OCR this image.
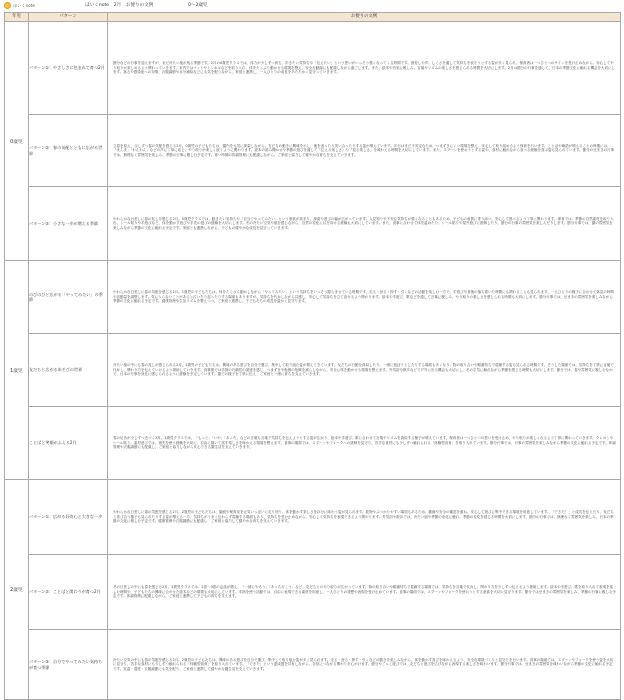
ほいくnote	ほいくnote　2月　お便りの文例	0〜2歳児
年児	パターン	お便りの文例
0歳児	パターン①：やさしさに包まれて育つ2月	節分などの行事を迎えますが、まだ冷たい風が残る季節です。2月の0歳児クラスでは、体力が少しずつ育ち、歩きたい気持ちや「伝えたい」という思いがいっそう強くなってくる時期です。指差しや声、しぐさを通して気持ちを表そうとする姿が多く見られ、保育者は一つひとつのサインを受け止めながら、安心してやり取りが楽しめるよう関わっていきます。室内ではマットやトンネルなどを取り入れ、体をたっぷり動かせる環境を整え、安全な動線にも配慮しながら過ごします。また、絵本や音楽に親しみ、言葉やリズムの楽しさを感じられる時間を大切にします。2月は節分の行事を通して、日本の季節文化に触れる機会を大切にします。寒さや感染症への対策、衣服調節や水分補給などにも気を配りながら、家庭と連携し、一人ひとりの成長をあたたかく見守っていきます。

	パターン②：春の気配とともに広がる世界	立春を迎え、少しずつ春の気配を感じる2月。0歳児の子どもたちは、園内を元気に探索しながら、友だちの動きに興味を示し、後を追ったり笑い合ったりする姿が増えています。歩行はまだ不安定なため、つまずきにくい環境を整え、安心して取り組めるよう保育を行います。ことばや喃語が増えることの時期には、「まんま」「わんわん」などの声に丁寧に応じ、やり取りが楽しく続くように関わります。絵本の読み聞かせや季節の遊びを通して「伝える楽しさ」や「見る楽しさ」を味わえる時間を大切にしています。また、スプーンを使おうとする姿や、食材に触れながら食べる経験を喜ぶ姿も見られています。節分の豆まきの行事では、無理なく雰囲気を楽しみ、季節の行事に親しむ予定です。寒い時期の体調管理にも配慮しながら、ご家庭と協力して健やかな育ちを支えていきます。

	パターン③：小さな一歩が増える季節	やわらかな日差しに春の兆しを感じる2月。0歳児クラスでは、動きたい気持ちや「自分でやってみたい」という意欲が高まり、探索や遊びの幅が広がっています。人見知りや不安な気持ちが強くなることもあるため、子どもの表情に寄り添い、安心して遊べるよう丁寧に関わります。保育では、季節の自然素材を取り入れ、シール貼りや手遊びなど、体を動かす遊びや手先の遊びの経験を大切にします。冬の冷たい空気や風を感じながら、自然の変化に目を向ける経験も大切にしています。また、食事に合わせて体を温めたり、シール貼りや屋外遊びに挑戦したり、節分の行事の雰囲気を楽しんだりします。節分行事では、園の雰囲気を楽しみながら季節の文化に触れる予定です。家庭とも連携しながら、子どもの健やかな成長を見守っていきます。

1歳児	のびのびと広がる「やってみたい」の季節	やわらかな日差しに春の気配を感じる2月。1歳児の子どもたちは、体をたくさん動かしながら「やってみたい」という気持ちをいっそう膨らませている時期です。走る・登る・押す・引くなどの活動を楽しむ一方で、手遊びや食後の落ち着いた時間にも関わることも見られます。一人ひとりの様子に合わせて休息の時間や活動量を調整します。気に入らないことがあると泣いたり怒ったりする場面もありますが、気持ちを代弁しながら共感し、安心して気持ちを立て直せるよう関わります。絵本や手遊び、歌などを通して言葉に親しみ、やり取りの楽しさを感じられる時間も大切にします。節分行事では、豆まきの雰囲気を楽しみながら季節の文化に触れる予定です。健康管理や生活リズムを整えつつ、ご家庭と連携し、子どもたちの成長を温かく見守ります。

	友だちと広がるあそびの世界	冷たい風の中にも春の兆しが感じられる2月。1歳児の子どもたちは、興味のある遊びを自分で選び、集中して取り組む姿が増えてきています。友だちの行動を真似したり、一緒に遊ぼうとしたりする場面も多くなり、物の取り合いや順番待ちで葛藤する姿も見られる時期です。そうした場面では、気持ちを丁寧に言葉で代弁し、関わり方を伝えていけるよう援助していきます。食事面では手指の巧緻性の発達を感じ、つまずきや転倒の危険を減らしながら、安全に体を動かせる環境を整えます。外気浴や散歩などで戸外に出る機会も大切にし、冬の空気に触れながら季節を感じる時間も大切にします。節分では、春や雰囲気に親しむなかで、日本の行事を身近に感じられるように経験を予定しています。園での様子を丁寧に伝え、ご家庭と一緒に育ちを支えていきます。

	ことばと笑顔がふえる2月	春の足音が少しずつ近づく2月。1歳児クラスでは、「もっと」「いや」「あった」などの言葉も言葉で気持ちを伝えようとする姿が広がり、絵本や手遊び、歌に合わせて言葉やリズムを真似する様子が増えています。保育者は一つひとつの思いを受け止め、やり取りが楽しくなるよう丁寧に関わっていきます。クレヨンやシール貼り、素材遊びでは、指先を使う経験を大切に、自由に描いて試す楽しさを味わえる環境を整えます。食事の場面では、スプーンやフォークへの挑戦を見守り、苦手な食材にも少しずつ触れられる「体験型食育」を取り入れています。節分行事では、行事の雰囲気を楽しみながら季節の文化に触れる予定です。体調管理や衣服調節にも配慮し、ご家庭と協力しながら安心できる園生活を支えていきます。

2歳児	パターン①：広がる好奇心と大きな一歩	やわらかな日差しに春の気配を感じる2月。2歳児の子どもたちは、園庭や保育室を元気いっぱいに走り回り、体を動かす楽しさを存分に味わう姿が見られます。乾物やぶつかりやすい場面もあるため、動線や安全の確認を重ね、安心して遊びに集中できる環境を用意しています。「できた！」と成功を伝えたり、友だちと喜び合う様子も見られたりする姿が増える一方、気持ちがうまく伝わらず葛藤する場面もあり、気持ちを受け止めながら、安心して気持ちを表現できるよう関わります。外気浴や散歩では、冷たい風や季節の変化に触れ、季節の変化を感じる時間を大切にします。節分の行事では、無理なく雰囲気を楽しみ、日本の季節の文化に親しむ予定です。健康管理や衣服調節にも配慮し、ご家庭と協力して健やかな育ちを支えていきます。

	パターン②：ことばと関わりが育つ2月	冬の日差しの中にも春を感じる2月。2歳児クラスでは、2語〜3語の会話が増え、「一緒にやろう」「あっち行こう」など、友だちとのやり取りが広がっています。物の取り合いや順番待ちで葛藤する場面では、気持ちを言葉で代弁し、関わり方を少しずつ伝えるよう援助します。絵本や手遊び、歌を取り入れて表現を楽しむ時間や、子どもたちの興味に合わせた絵本などの環境も大切にしています。手指を使う活動では、自由に表現できる素材を用意し、一人ひとりの発想や表現を受け止めています。食事の場面では、スプーンやフォークを使おうとする意欲を大切に見守ります。節分では豆まきの雰囲気を楽しみ、季節の行事に親しむ予定です。体調管理に配慮しながら、ご家庭と連携して子どもの育ちを支えます。

	パターン③：自分でやってみたい気持ちが育つ季節	冷たい空気の中にも春の気配を感じる2月。2歳児の子どもたちは、興味のある遊びを自分で選び、集中して取り組む姿が多く見られます。走る・登る・押す・引くなどの動きを楽しみながら、体を動かす喜びを味わえるよう、安全な環境づくりと見守りを行います。食事の場面では、スプーンやフォークを使う姿を大切に見守り、苦手な食材にも少しずつ触れられる「体験型食育」を取り入れています。「できた」という達成感を共有しながら、自信につながる関わりを心がけます。節分やごっこ遊びでは、友だちと遊びを広げながら表現する楽しさを味わいます。節分行事では、豆まきの雰囲気を味わいながら季節の文化に触れる予定です。室温・湿度・衣服調節にも気を配り、ご家庭と連携して健やかな園生活を支えていきます。
